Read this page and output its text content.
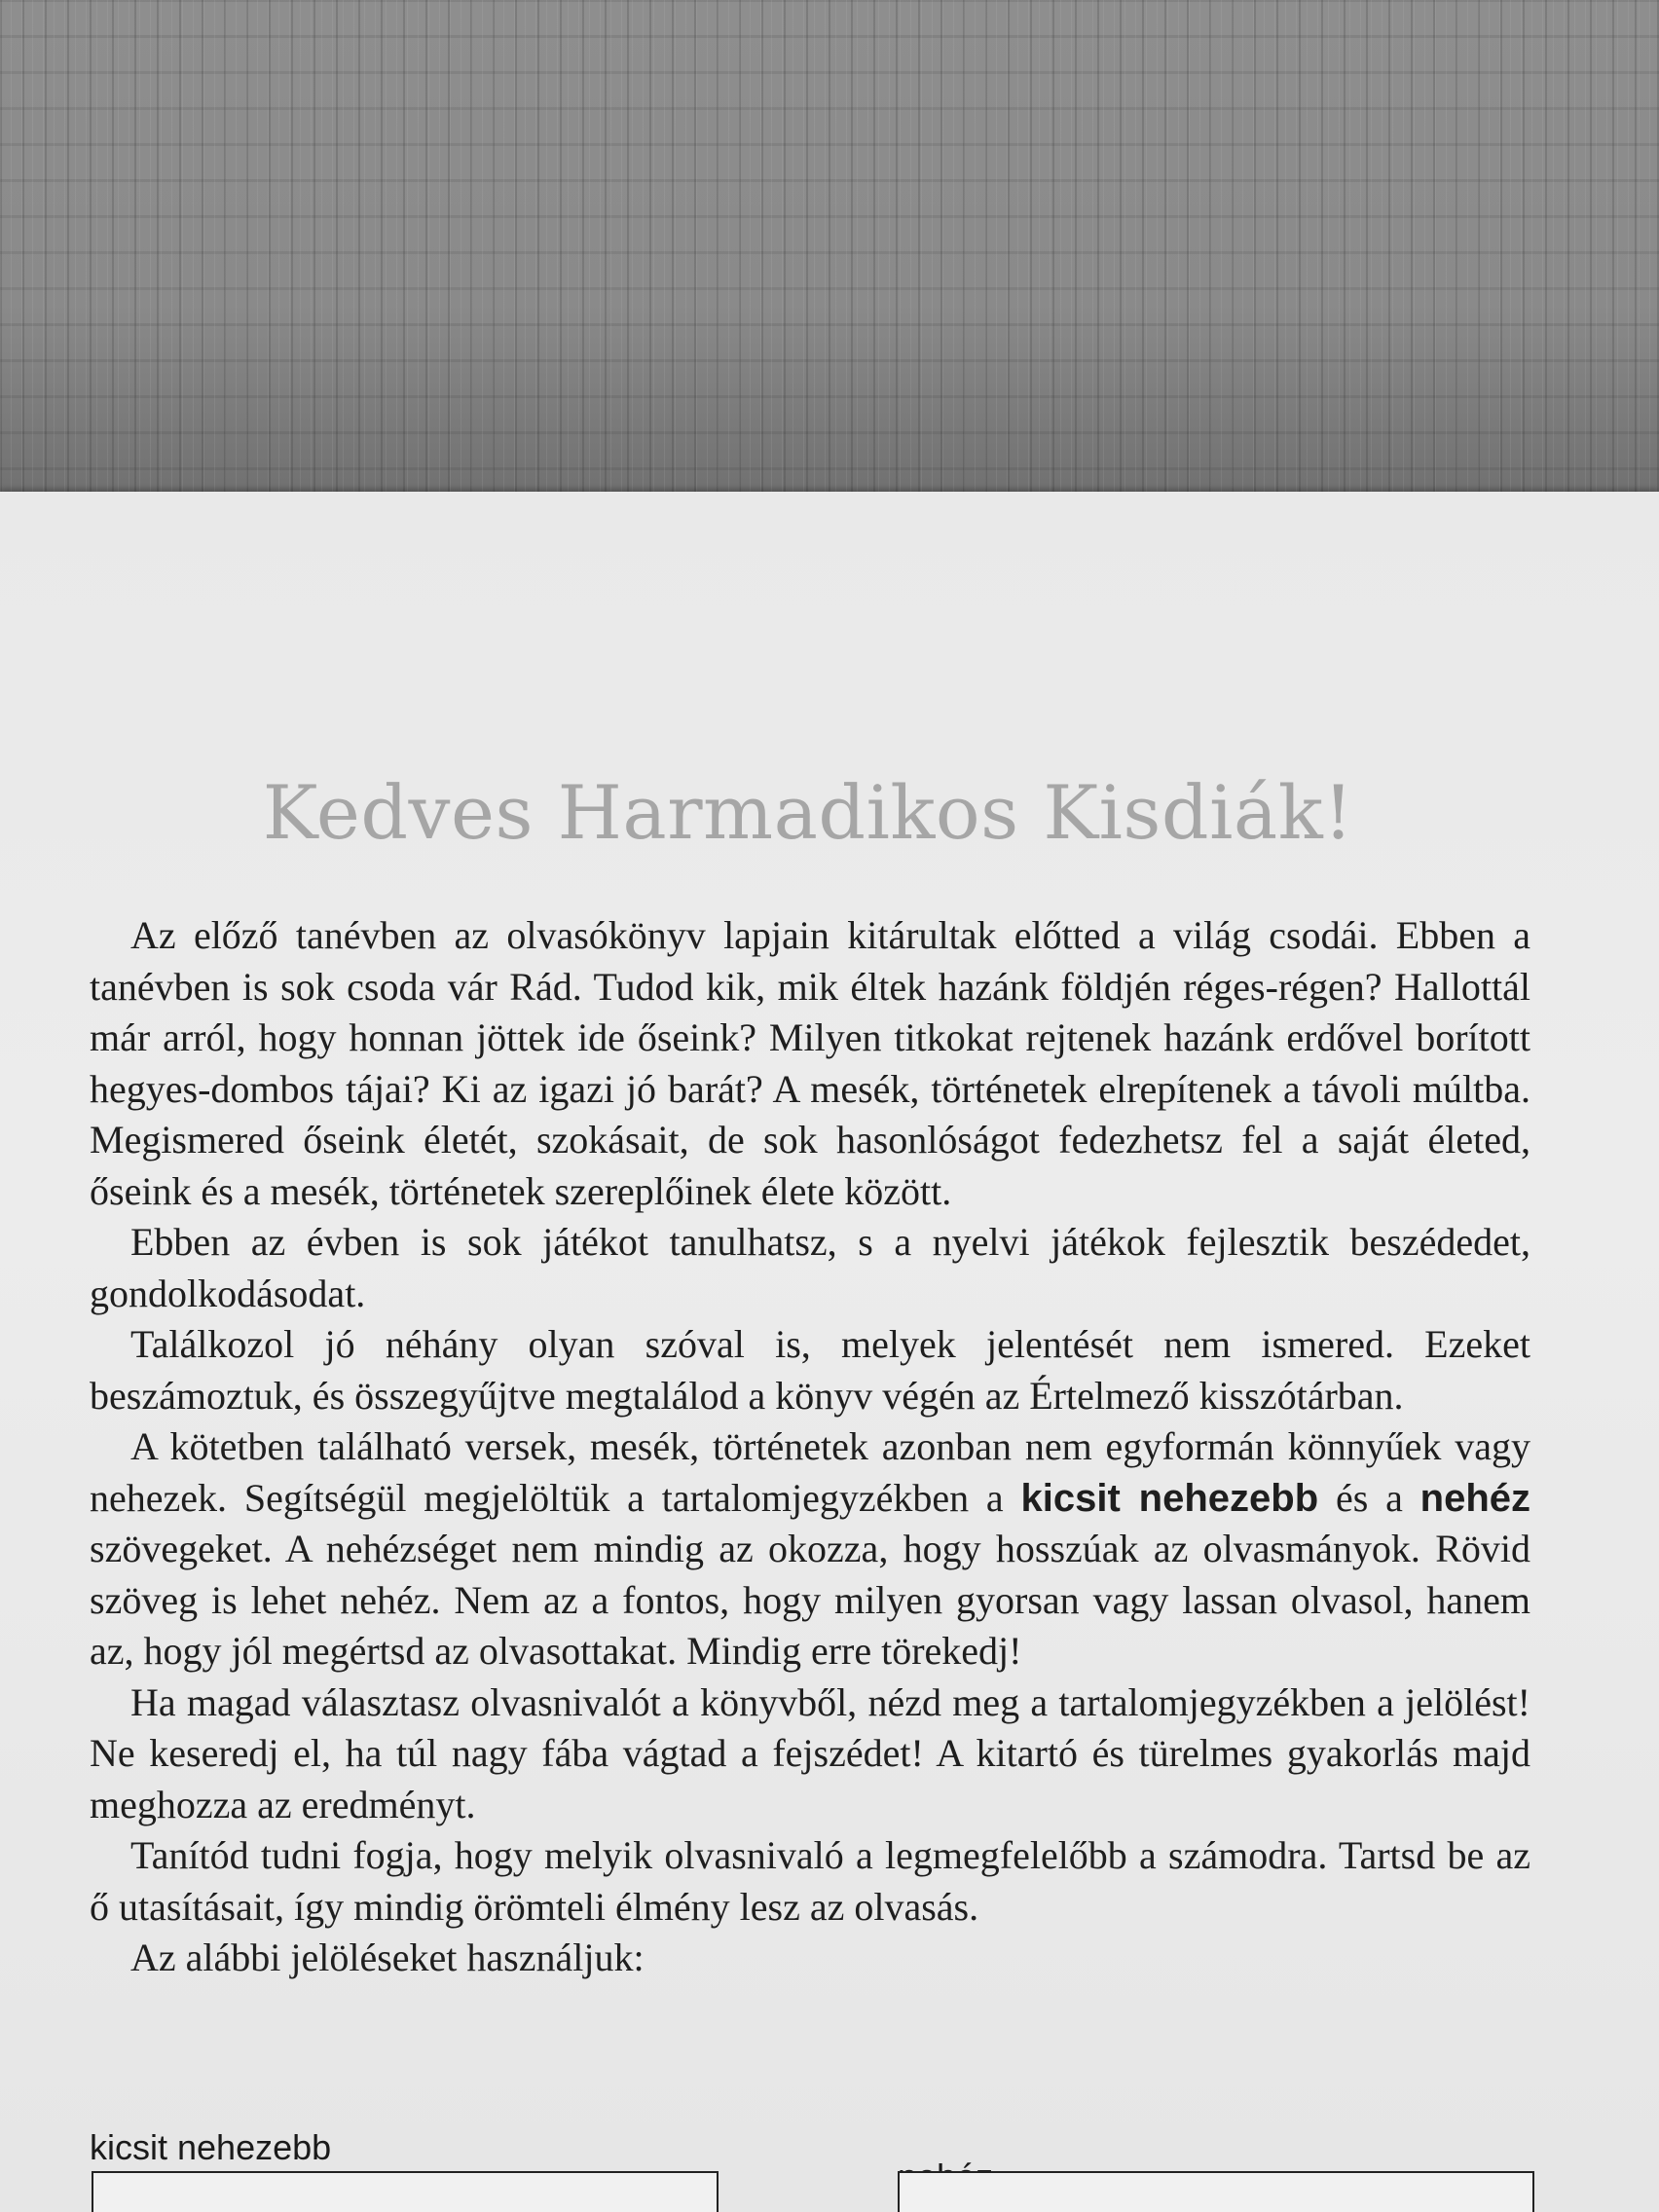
Kedves Harmadikos Kisdiák!

Az előző tanévben az olvasókönyv lapjain kitárultak előtted a világ csodái. Ebben a tanévben is sok csoda vár Rád. Tudod kik, mik éltek hazánk földjén réges-régen? Hallottál már arról, hogy honnan jöttek ide őseink? Milyen titkokat rejtenek hazánk erdővel borított hegyes-dombos tájai? Ki az igazi jó barát? A mesék, történetek elrepítenek a távoli múltba. Megismered őseink életét, szokásait, de sok hasonlóságot fedezhetsz fel a saját életed, őseink és a mesék, történetek szereplőinek élete között.

Ebben az évben is sok játékot tanulhatsz, s a nyelvi játékok fejlesztik beszédedet, gondolkodásodat.

Találkozol jó néhány olyan szóval is, melyek jelentését nem ismered. Ezeket beszámoztuk, és összegyűjtve megtalálod a könyv végén az Értelmező kisszótárban.

A kötetben található versek, mesék, történetek azonban nem egyformán könnyűek vagy nehezek. Segítségül megjelöltük a tartalomjegyzékben a kicsit nehezebb és a nehéz szövegeket. A nehézséget nem mindig az okozza, hogy hosszúak az olvasmányok. Rövid szöveg is lehet nehéz. Nem az a fontos, hogy milyen gyorsan vagy lassan olvasol, hanem az, hogy jól megértsd az olvasottakat. Mindig erre törekedj!

Ha magad választasz olvasnivalót a könyvből, nézd meg a tartalomjegyzékben a jelölést! Ne keseredj el, ha túl nagy fába vágtad a fejszédet! A kitartó és türelmes gyakorlás majd meghozza az eredményt.

Tanítód tudni fogja, hogy melyik olvasnivaló a legmegfelelőbb a számodra. Tartsd be az ő utasításait, így mindig örömteli élmény lesz az olvasás.

Az alábbi jelöléseket használjuk:

kicsit nehezebb
